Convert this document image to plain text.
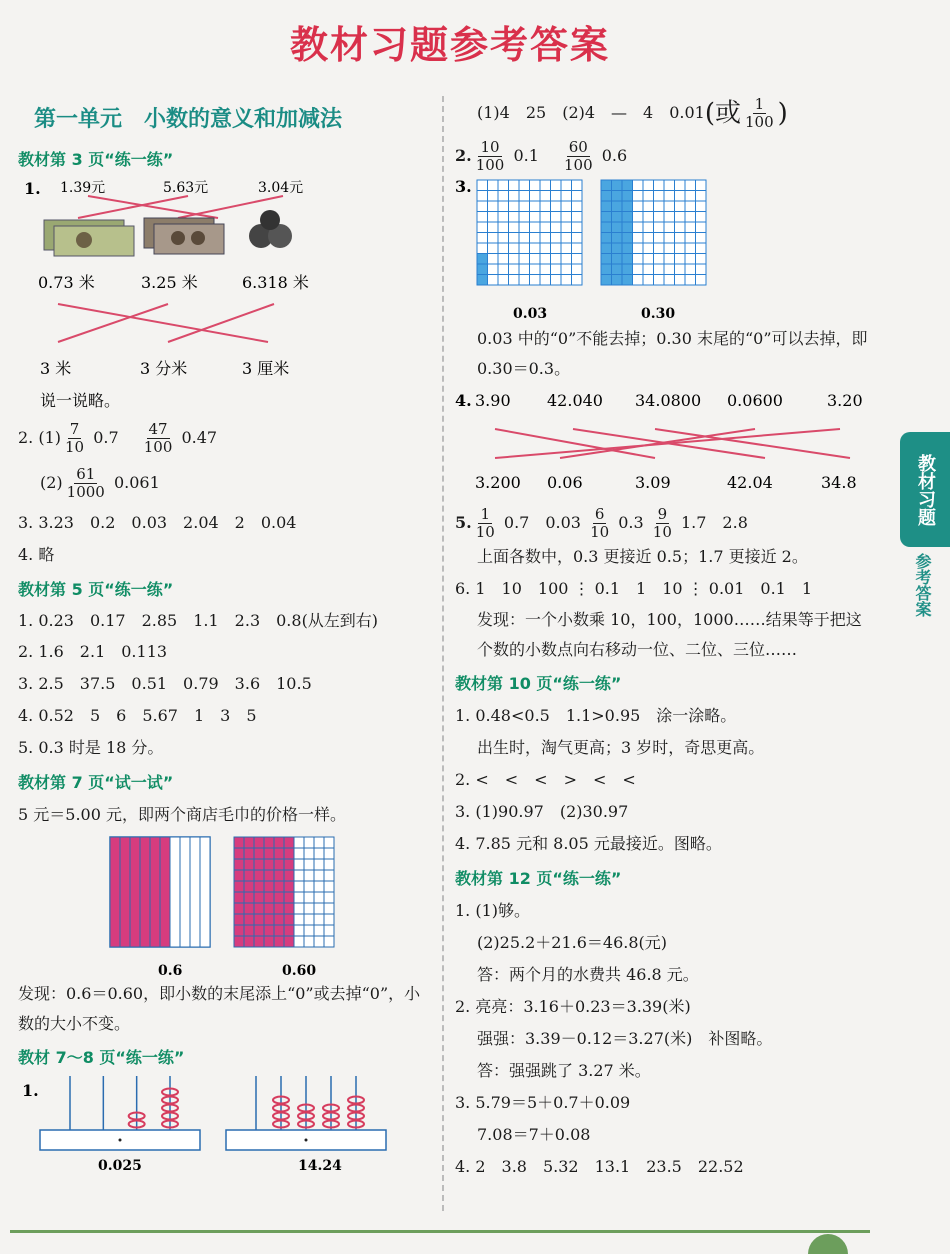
教材习题参考答案
第一单元　小数的意义和加减法
教材第 3 页“练一练”
1. 1.39元	5.63元	3.04元
0.73 米	3.25 米	6.318 米
3 米	3 分米	3 厘米
说一说略。
2. $(1) \frac{7}{10} 0.7 \frac{47}{100} 0.47$
$(2) \frac{61}{1000} 0.061$
3. 3.23　0.2　0.03　2.04　2　0.04
4. 略
教材第 5 页“练一练”
1. 0.23　0.17　2.85　1.1　2.3　0.8(从左到右)
2. 1.6　2.1　0.113
3. 2.5　37.5　0.51　0.79　3.6　10.5
4. 0.52　5　6　5.67　1　3　5
5. 0.3 时是 18 分。
教材第 7 页“试一试”
5 元＝5.00 元，即两个商店毛巾的价格一样。
0.6	0.60
发现：0.6＝0.60，即小数的末尾添上“0”或去掉“0”，小数的大小不变。
教材 7～8 页“练一练”
1.
0.025	14.24
(1)4　25　(2)4　—　4　0.01(或 $\frac{1}{100}$ )
2. $\frac{10}{100} 0.1 \frac{60}{100} 0.6$
3.
0.03	0.30
0.03 中的“0”不能去掉；0.30 末尾的“0”可以去掉，即 0.30＝0.3。
4. 3.90 42.040 34.0800 0.0600	3.20
3.200 0.06	3.09	42.04	34.8
5. $\frac{1}{10} 0.7$　$0.03 \frac{6}{10} 0.3 \frac{9}{10} 1.7$　2.8
上面各数中，0.3 更接近 0.5；1.7 更接近 2。
6. 1　10　100 ⋮ 0.1　1　10 ⋮ 0.01　0.1　1
发现：一个小数乘 10，100，1000……结果等于把这个数的小数点向右移动一位、二位、三位……
教材第 10 页“练一练”
1. 0.48<0.5　1.1>0.95　涂一涂略。
出生时，淘气更高；3 岁时，奇思更高。
2. <　<　<　>　<　<
3. (1)90.97　(2)30.97
4. 7.85 元和 8.05 元最接近。图略。
教材第 12 页“练一练”
1. (1)够。
(2)25.2＋21.6＝46.8(元)
答：两个月的水费共 46.8 元。
2. 亮亮：3.16＋0.23＝3.39(米)
强强：3.39－0.12＝3.27(米)　补图略。
答：强强跳了 3.27 米。
3. 5.79＝5＋0.7＋0.09
7.08＝7＋0.08
4. 2　3.8　5.32　13.1　23.5　22.52
教材习题
参考答案
